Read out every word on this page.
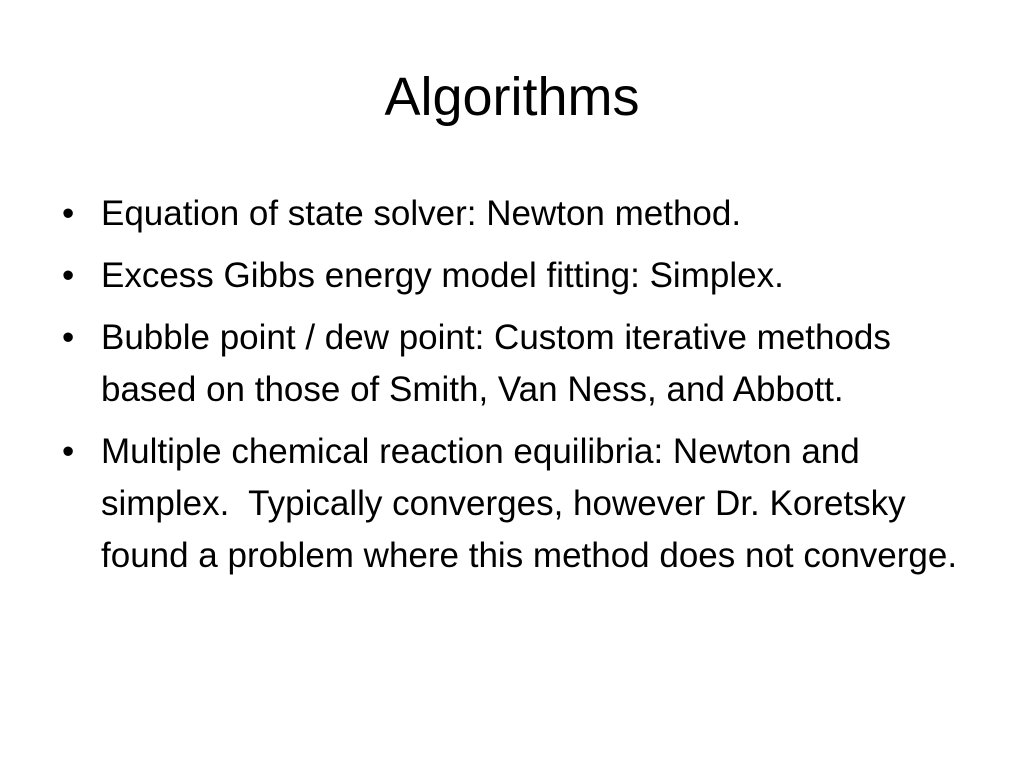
Algorithms
• Equation of state solver: Newton method.
• Excess Gibbs energy model fitting: Simplex.
• Bubble point / dew point: Custom iterative methods based on those of Smith, Van Ness, and Abbott.
• Multiple chemical reaction equilibria: Newton and simplex.  Typically converges, however Dr. Koretsky found a problem where this method does not converge.
